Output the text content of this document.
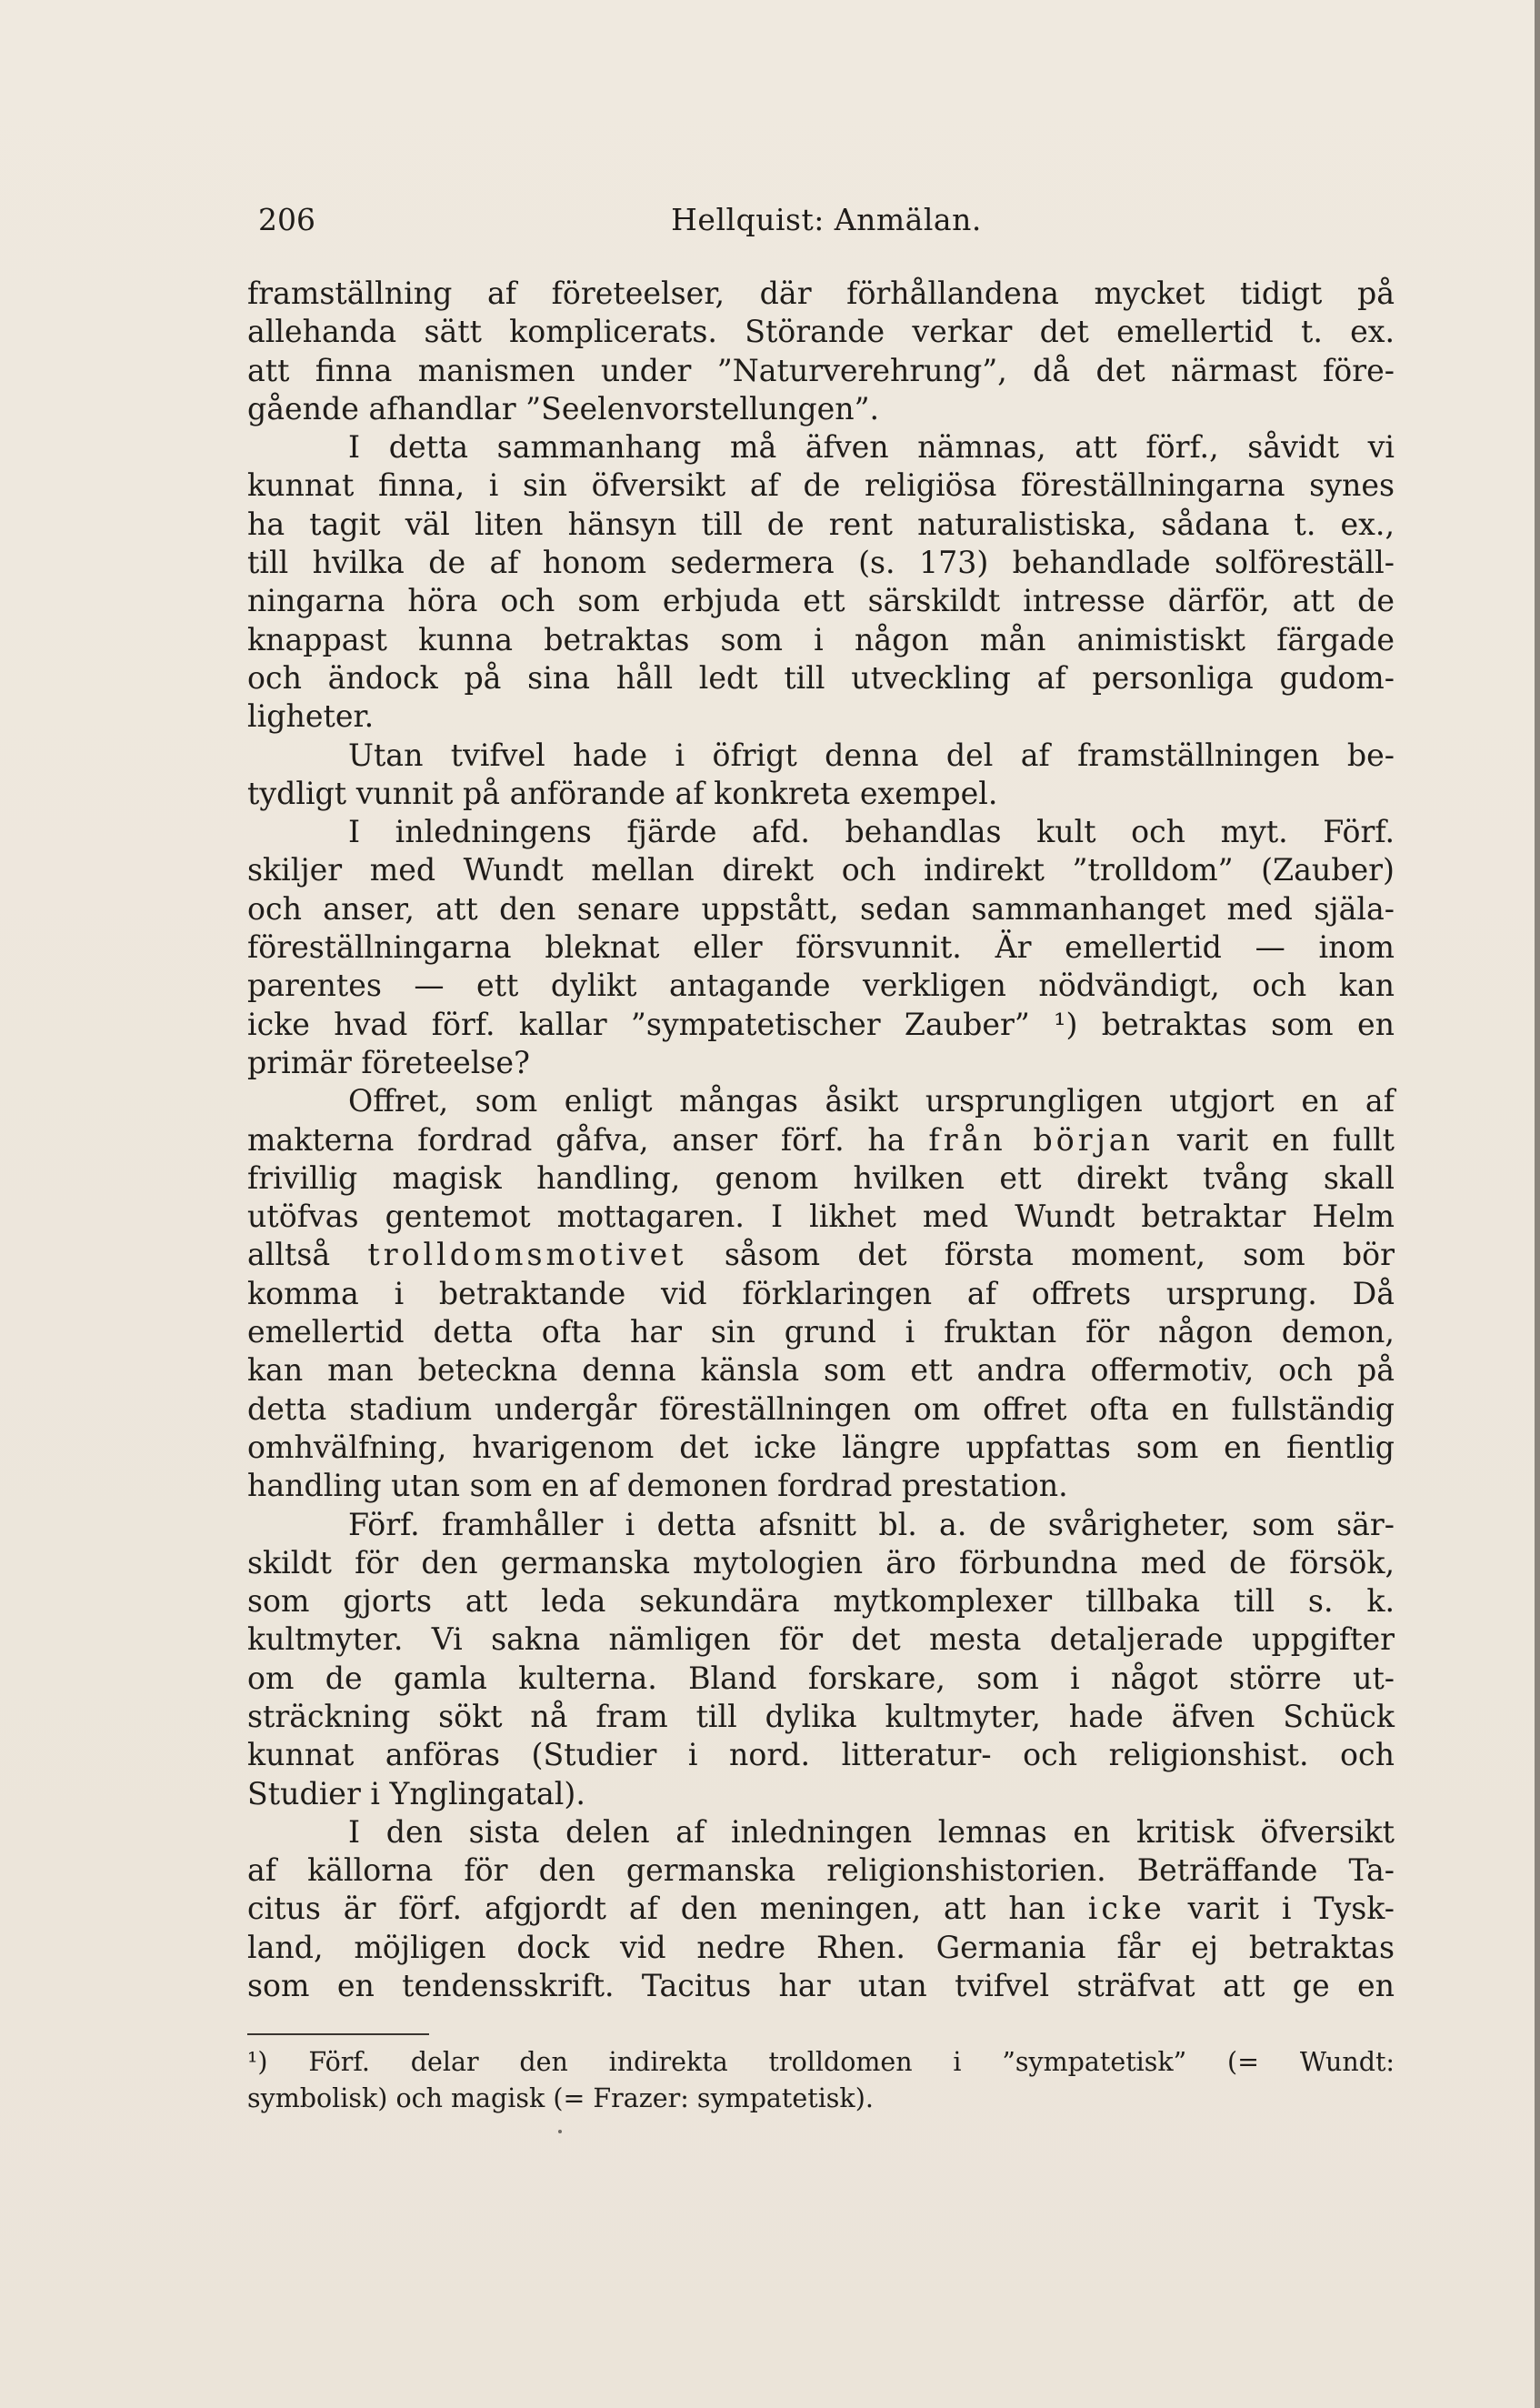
206	Hellquist: Anmälan.
framställning af företeelser, där förhållandena mycket tidigt på
allehanda sätt komplicerats. Störande verkar det emellertid t. ex.
att finna manismen under ”Naturverehrung”, då det närmast före-
gående afhandlar ”Seelenvorstellungen”.
I detta sammanhang må äfven nämnas, att förf., såvidt vi
kunnat finna, i sin öfversikt af de religiösa föreställningarna synes
ha tagit väl liten hänsyn till de rent naturalistiska, sådana t. ex.,
till hvilka de af honom sedermera (s. 173) behandlade solföreställ-
ningarna höra och som erbjuda ett särskildt intresse därför, att de
knappast kunna betraktas som i någon mån animistiskt färgade
och ändock på sina håll ledt till utveckling af personliga gudom-
ligheter.
Utan tvifvel hade i öfrigt denna del af framställningen be-
tydligt vunnit på anförande af konkreta exempel.
I inledningens fjärde afd. behandlas kult och myt. Förf.
skiljer med Wundt mellan direkt och indirekt ”trolldom” (Zauber)
och anser, att den senare uppstått, sedan sammanhanget med själa-
föreställningarna bleknat eller försvunnit. Är emellertid — inom
parentes — ett dylikt antagande verkligen nödvändigt, och kan
icke hvad förf. kallar ”sympatetischer Zauber” ¹) betraktas som en
primär företeelse?
Offret, som enligt mångas åsikt ursprungligen utgjort en af
makterna fordrad gåfva, anser förf. ha från början varit en fullt
frivillig magisk handling, genom hvilken ett direkt tvång skall
utöfvas gentemot mottagaren. I likhet med Wundt betraktar Helm
alltså trolldomsmotivet såsom det första moment, som bör
komma i betraktande vid förklaringen af offrets ursprung. Då
emellertid detta ofta har sin grund i fruktan för någon demon,
kan man beteckna denna känsla som ett andra offermotiv, och på
detta stadium undergår föreställningen om offret ofta en fullständig
omhvälfning, hvarigenom det icke längre uppfattas som en fientlig
handling utan som en af demonen fordrad prestation.
Förf. framhåller i detta afsnitt bl. a. de svårigheter, som sär-
skildt för den germanska mytologien äro förbundna med de försök,
som gjorts att leda sekundära mytkomplexer tillbaka till s. k.
kultmyter. Vi sakna nämligen för det mesta detaljerade uppgifter
om de gamla kulterna. Bland forskare, som i något större ut-
sträckning sökt nå fram till dylika kultmyter, hade äfven Schück
kunnat anföras (Studier i nord. litteratur- och religionshist. och
Studier i Ynglingatal).
I den sista delen af inledningen lemnas en kritisk öfversikt
af källorna för den germanska religionshistorien. Beträffande Ta-
citus är förf. afgjordt af den meningen, att han icke varit i Tysk-
land, möjligen dock vid nedre Rhen. Germania får ej betraktas
som en tendensskrift. Tacitus har utan tvifvel sträfvat att ge en
¹) Förf. delar den indirekta trolldomen i ”sympatetisk” (= Wundt:
symbolisk) och magisk (= Frazer: sympatetisk).
